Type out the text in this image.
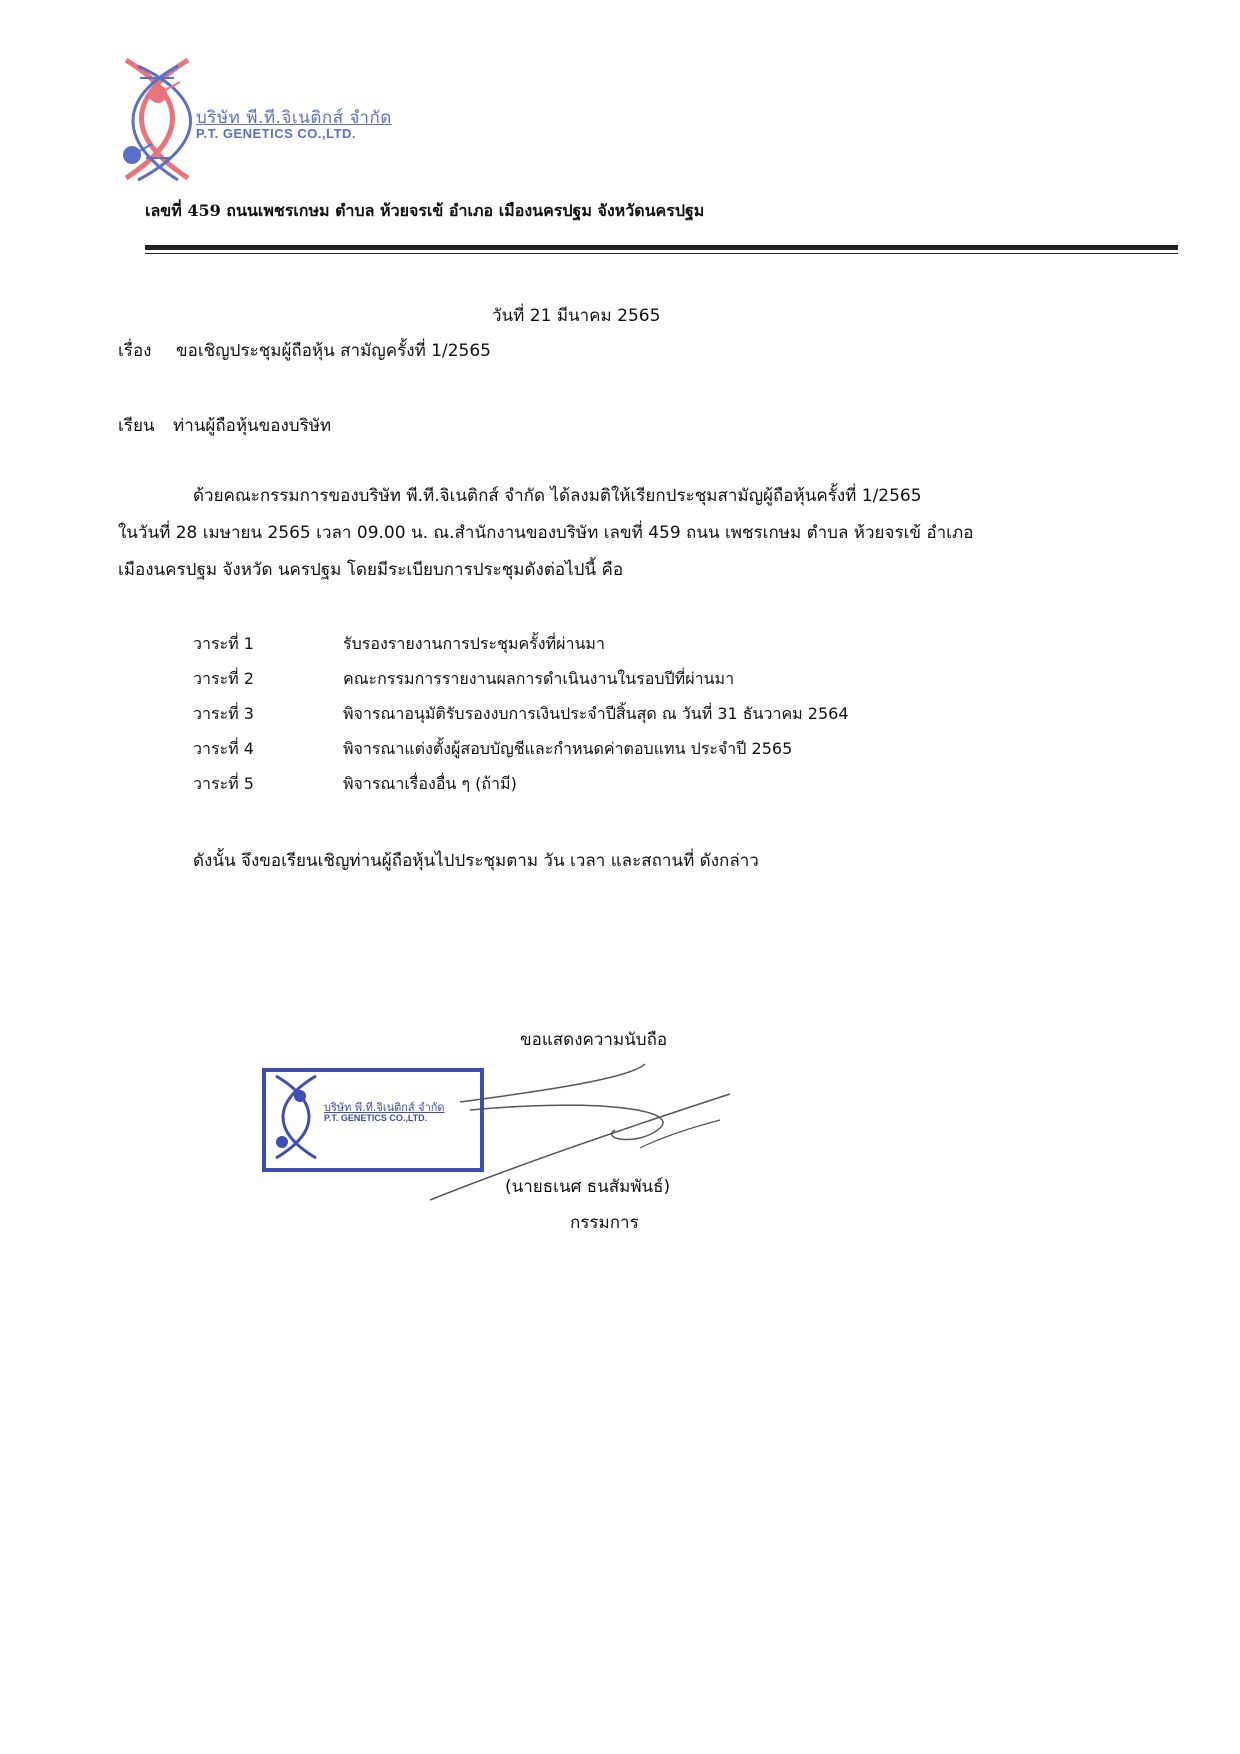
บริษัท พี.ที.จิเนติกส์ จำกัด
P.T. GENETICS CO.,LTD.
เลขที่ 459 ถนนเพชรเกษม ตำบล ห้วยจรเข้ อำเภอ เมืองนครปฐม จังหวัดนครปฐม
วันที่ 21 มีนาคม 2565
เรื่อง ขอเชิญประชุมผู้ถือหุ้น สามัญครั้งที่ 1/2565
เรียน ท่านผู้ถือหุ้นของบริษัท
ด้วยคณะกรรมการของบริษัท พี.ที.จิเนติกส์ จำกัด ได้ลงมติให้เรียกประชุมสามัญผู้ถือหุ้นครั้งที่ 1/2565
ในวันที่ 28 เมษายน 2565 เวลา 09.00 น. ณ.สำนักงานของบริษัท เลขที่ 459 ถนน เพชรเกษม ตำบล ห้วยจรเข้ อำเภอ
เมืองนครปฐม จังหวัด นครปฐม โดยมีระเบียบการประชุมดังต่อไปนี้ คือ
วาระที่ 1	รับรองรายงานการประชุมครั้งที่ผ่านมา
วาระที่ 2	คณะกรรมการรายงานผลการดำเนินงานในรอบปีที่ผ่านมา
วาระที่ 3	พิจารณาอนุมัติรับรองงบการเงินประจำปีสิ้นสุด ณ วันที่ 31 ธันวาคม 2564
วาระที่ 4	พิจารณาแต่งตั้งผู้สอบบัญชีและกำหนดค่าตอบแทน ประจำปี 2565
วาระที่ 5	พิจารณาเรื่องอื่น ๆ (ถ้ามี)
ดังนั้น จึงขอเรียนเชิญท่านผู้ถือหุ้นไปประชุมตาม วัน เวลา และสถานที่ ดังกล่าว
ขอแสดงความนับถือ
บริษัท พี.ที.จิเนติกส์ จำกัด
P.T. GENETICS CO.,LTD.
(นายธเนศ ธนสัมพันธ์)
กรรมการ
